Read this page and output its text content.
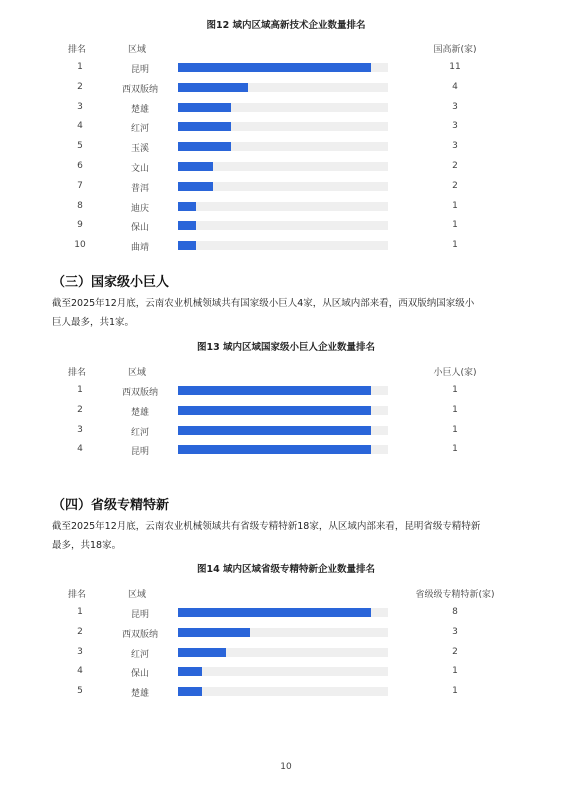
图12 域内区域高新技术企业数量排名
排名	区域	国高新(家)
1	昆明	11
2	西双版纳	4
3	楚雄	3
4	红河	3
5	玉溪	3
6	文山	2
7	普洱	2
8	迪庆	1
9	保山	1
10	曲靖	1
（三）国家级小巨人
截至2025年12月底，云南农业机械领域共有国家级小巨人4家，从区域内部来看，西双版纳国家级小
巨人最多，共1家。
图13 域内区域国家级小巨人企业数量排名
排名	区域	小巨人(家)
1	西双版纳	1
2	楚雄	1
3	红河	1
4	昆明	1
（四）省级专精特新
截至2025年12月底，云南农业机械领域共有省级专精特新18家，从区域内部来看，昆明省级专精特新
最多，共18家。
图14 域内区域省级专精特新企业数量排名
排名	区域	省级级专精特新(家)
1	昆明	8
2	西双版纳	3
3	红河	2
4	保山	1
5	楚雄	1
10
